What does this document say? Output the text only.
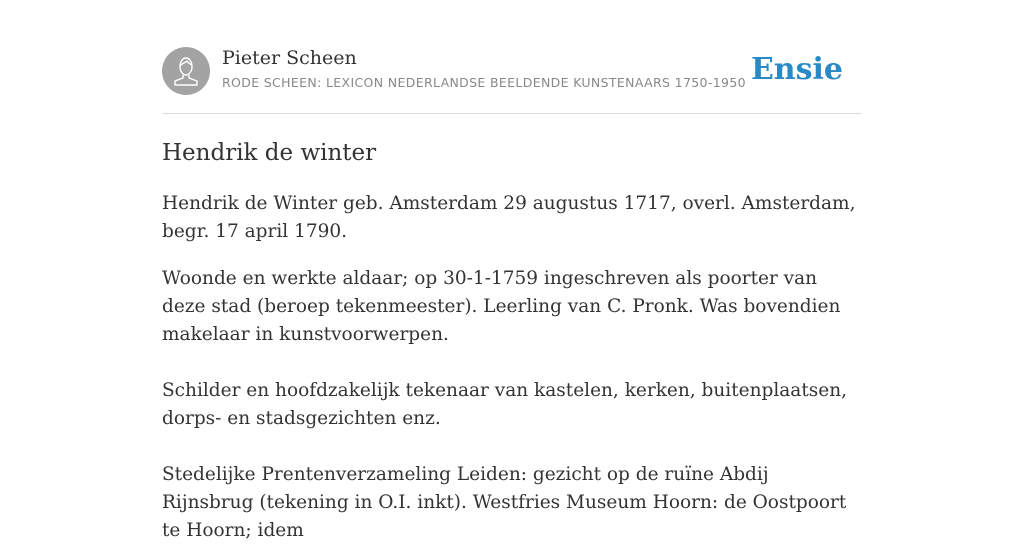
Pieter Scheen
RODE SCHEEN: LEXICON NEDERLANDSE BEELDENDE KUNSTENAARS 1750-1950 Ensie
Hendrik de winter

Hendrik de Winter geb. Amsterdam 29 augustus 1717, overl. Amsterdam, begr. 17 april 1790.

Woonde en werkte aldaar; op 30-1-1759 ingeschreven als poorter van deze stad (beroep tekenmeester). Leerling van C. Pronk. Was bovendien makelaar in kunstvoorwerpen.

Schilder en hoofdzakelijk tekenaar van kastelen, kerken, buitenplaatsen, dorps- en stadsgezichten enz.

Stedelijke Prentenverzameling Leiden: gezicht op de ruïne Abdij Rijnsbrug (tekening in O.I. inkt). Westfries Museum Hoorn: de Oostpoort te Hoorn; idem
